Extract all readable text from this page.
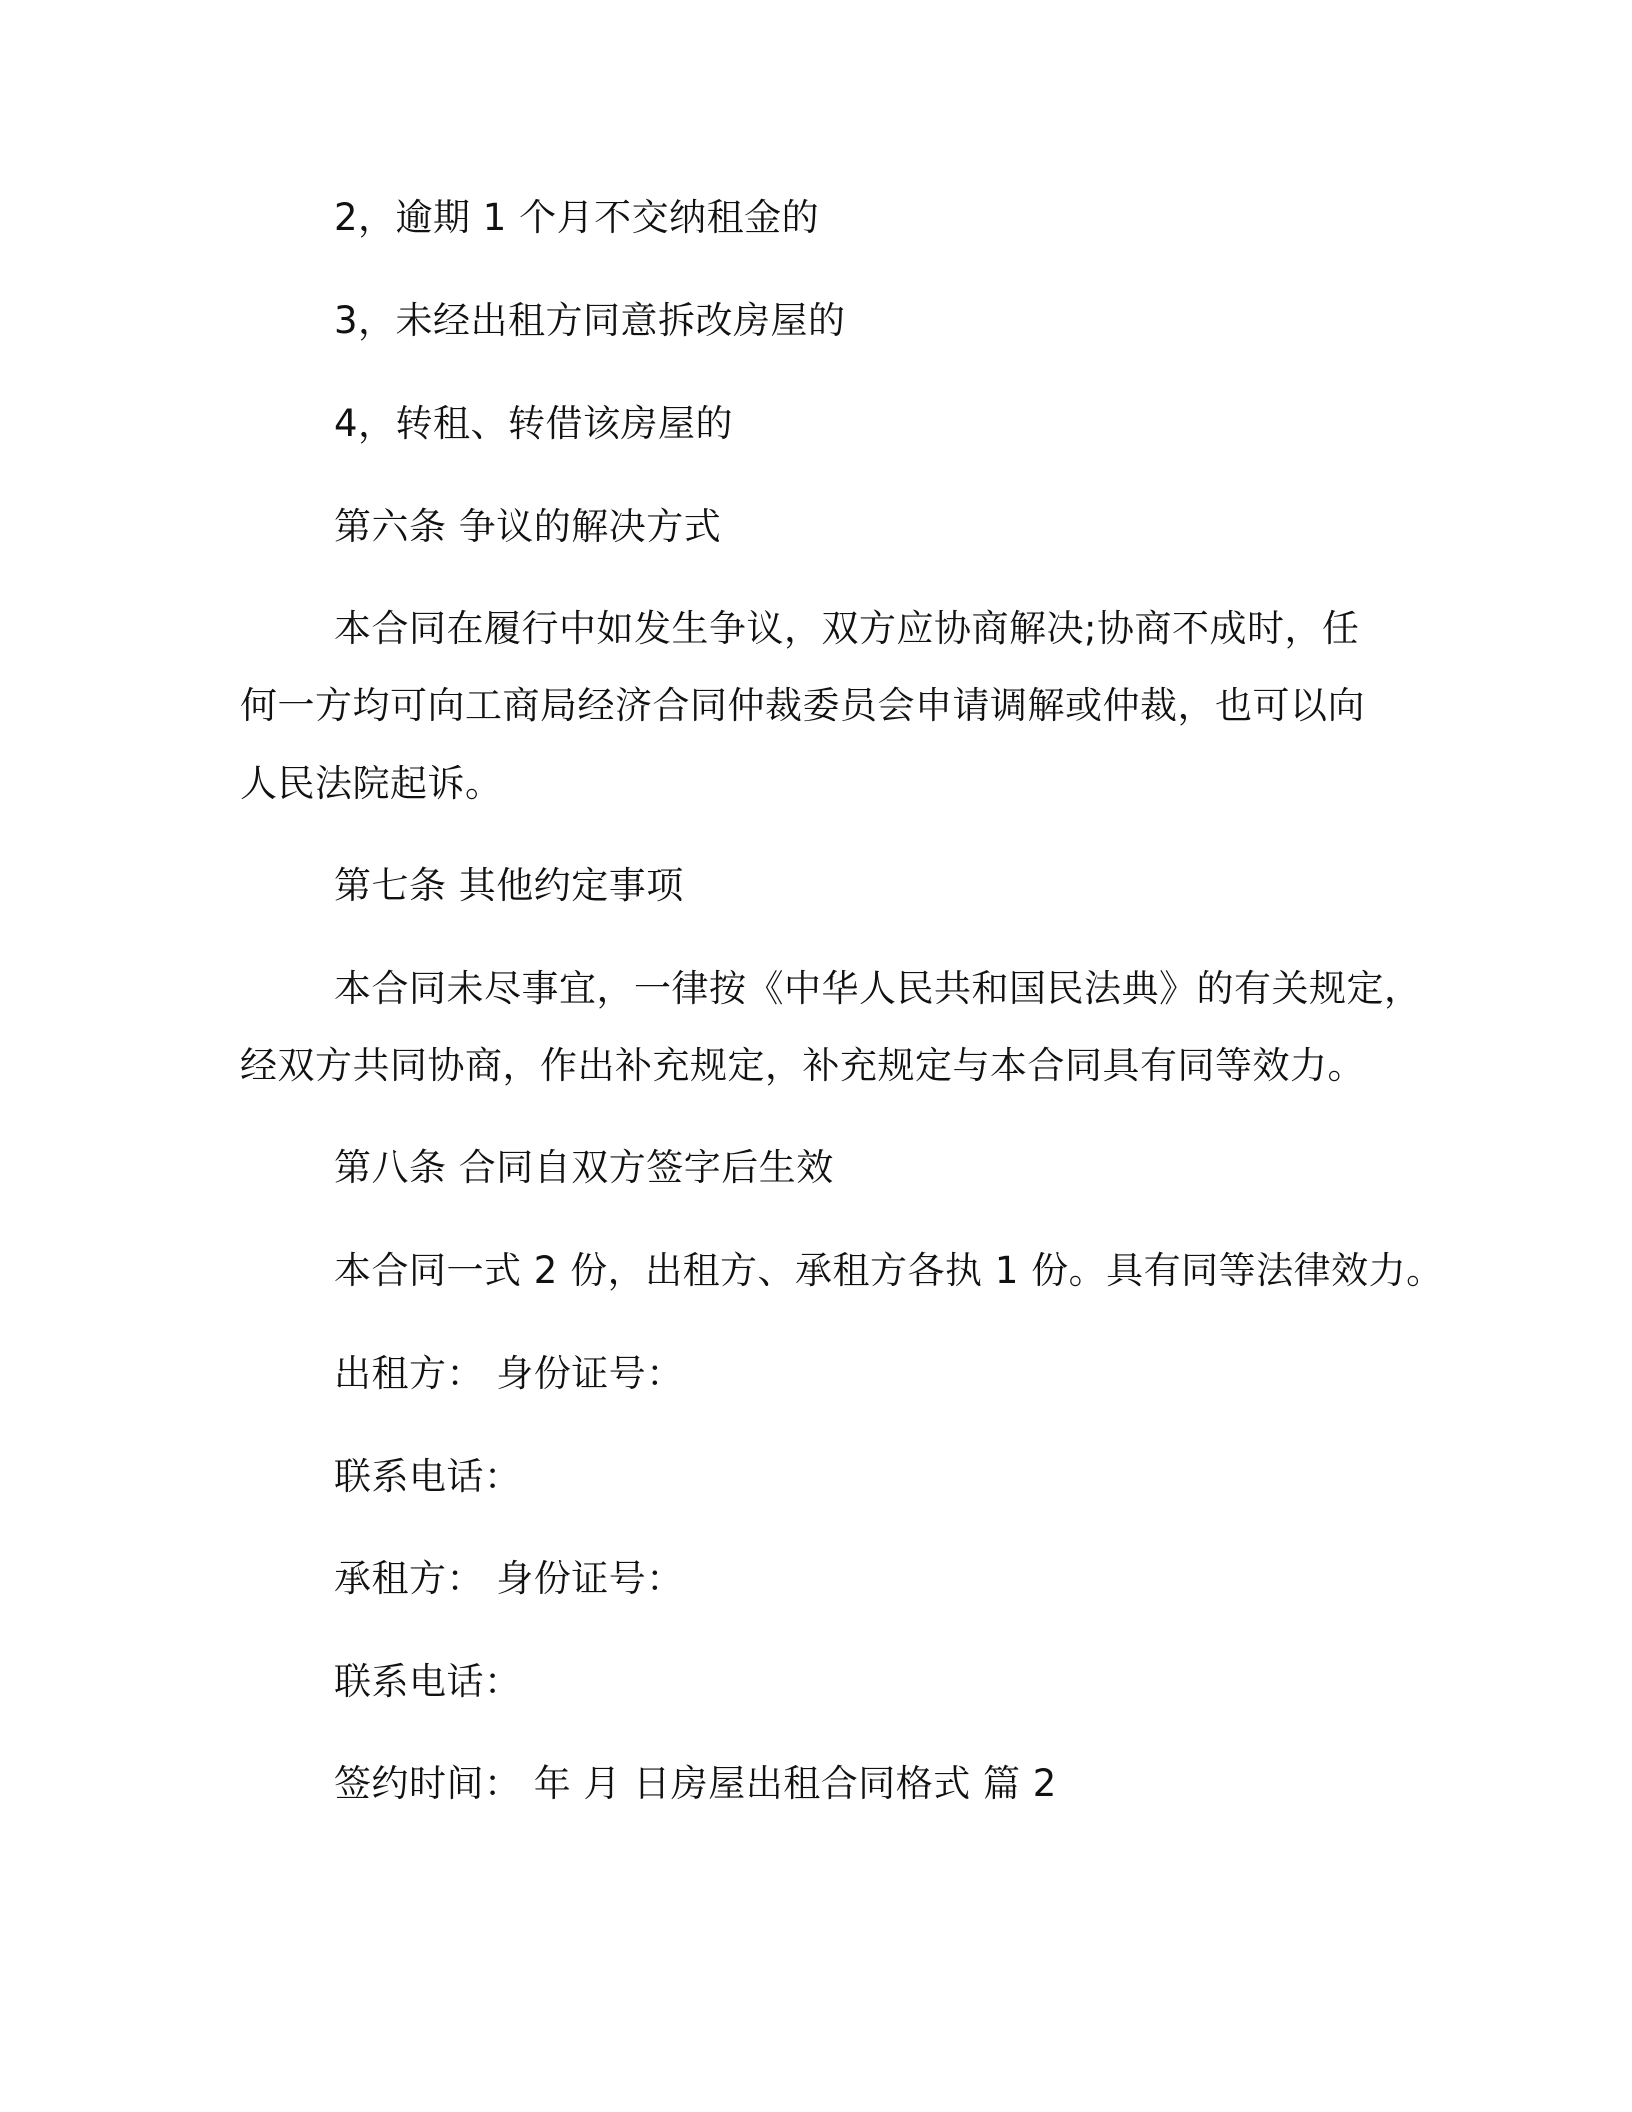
2，逾期 1 个月不交纳租金的

3，未经出租方同意拆改房屋的

4，转租、转借该房屋的

第六条 争议的解决方式

本合同在履行中如发生争议，双方应协商解决;协商不成时，任

何一方均可向工商局经济合同仲裁委员会申请调解或仲裁，也可以向

人民法院起诉。

第七条 其他约定事项

本合同未尽事宜，一律按《中华人民共和国民法典》的有关规定，

经双方共同协商，作出补充规定，补充规定与本合同具有同等效力。

第八条 合同自双方签字后生效

本合同一式 2 份，出租方、承租方各执 1 份。具有同等法律效力。

出租方： 身份证号：

联系电话：

承租方： 身份证号：

联系电话：

签约时间： 年 月 日房屋出租合同格式 篇 2
